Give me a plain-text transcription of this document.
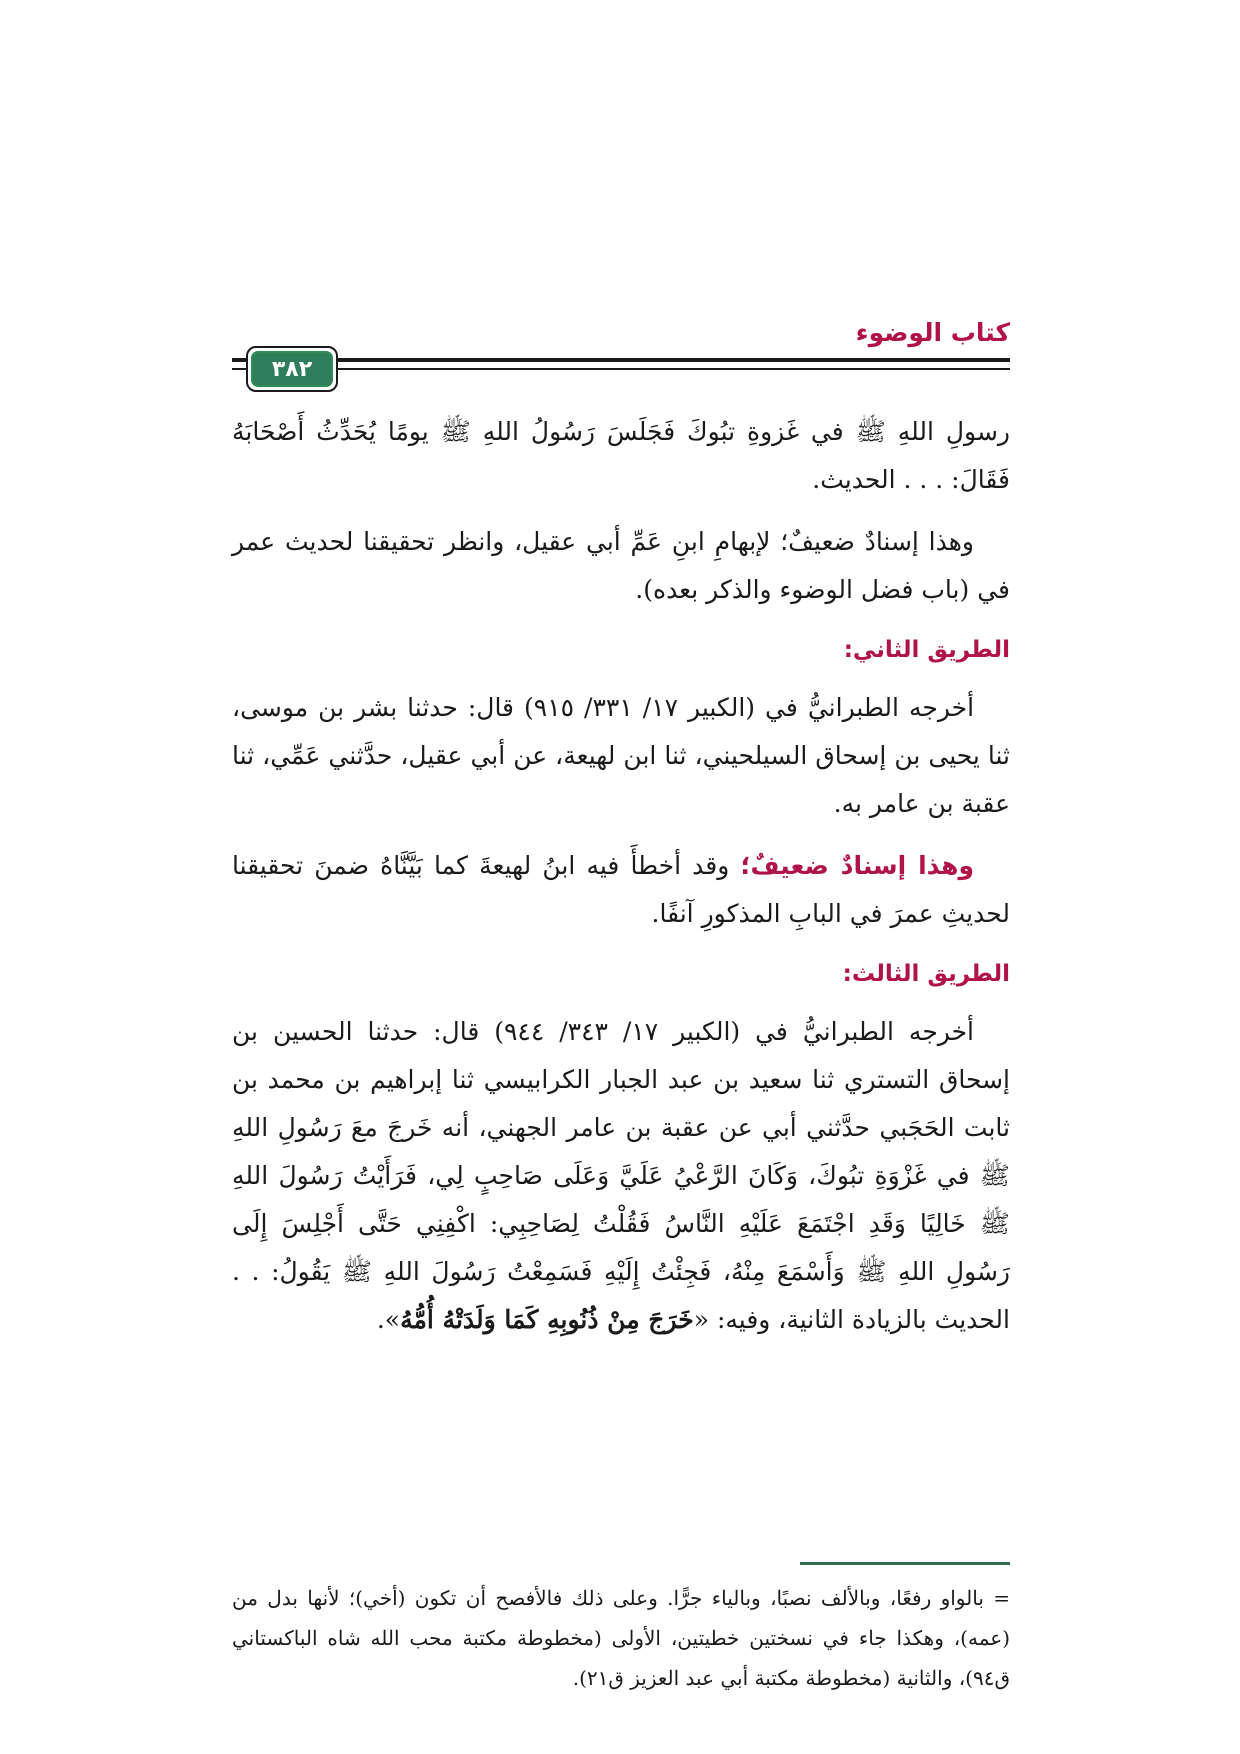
كتاب الوضوء
٣٨٢

رسولِ اللهِ ﷺ في غَزوةِ تبُوكَ فَجَلَسَ رَسُولُ اللهِ ﷺ يومًا يُحَدِّثُ أَصْحَابَهُ فَقَالَ: . . . الحديث.

وهذا إسنادٌ ضعيفٌ؛ لإبهامِ ابنِ عَمِّ أبي عقيل، وانظر تحقيقنا لحديث عمر في (باب فضل الوضوء والذكر بعده).

الطريق الثاني:

أخرجه الطبرانيُّ في (الكبير ١٧/ ٣٣١/ ٩١٥) قال: حدثنا بشر بن موسى، ثنا يحيى بن إسحاق السيلحيني، ثنا ابن لهيعة، عن أبي عقيل، حدَّثني عَمِّي، ثنا عقبة بن عامر به.

وهذا إسنادٌ ضعيفٌ؛ وقد أخطأَ فيه ابنُ لهيعةَ كما بَيَّنَّاهُ ضمنَ تحقيقنا لحديثِ عمرَ في البابِ المذكورِ آنفًا.

الطريق الثالث:

أخرجه الطبرانيُّ في (الكبير ١٧/ ٣٤٣/ ٩٤٤) قال: حدثنا الحسين بن إسحاق التستري ثنا سعيد بن عبد الجبار الكرابيسي ثنا إبراهيم بن محمد بن ثابت الحَجَبي حدَّثني أبي عن عقبة بن عامر الجهني، أنه خَرجَ معَ رَسُولِ اللهِ ﷺ في غَزْوَةِ تبُوكَ، وَكَانَ الرَّعْيُ عَلَيَّ وَعَلَى صَاحِبٍ لِي، فَرَأَيْتُ رَسُولَ اللهِ ﷺ خَالِيًا وَقَدِ اجْتَمَعَ عَلَيْهِ النَّاسُ فَقُلْتُ لِصَاحِبِي: اكْفِنِي حَتَّى أَجْلِسَ إِلَى رَسُولِ اللهِ ﷺ وَأَسْمَعَ مِنْهُ، فَجِئْتُ إِلَيْهِ فَسَمِعْتُ رَسُولَ اللهِ ﷺ يَقُولُ: . . الحديث بالزيادة الثانية، وفيه: «خَرَجَ مِنْ ذُنُوبِهِ كَمَا وَلَدَتْهُ أُمُّهُ».

= بالواو رفعًا، وبالألف نصبًا، وبالياء جرًّا. وعلى ذلك فالأفصح أن تكون (أخي)؛ لأنها بدل من (عمه)، وهكذا جاء في نسختين خطيتين، الأولى (مخطوطة مكتبة محب الله شاه الباكستاني ق٩٤)، والثانية (مخطوطة مكتبة أبي عبد العزيز ق٢١).
